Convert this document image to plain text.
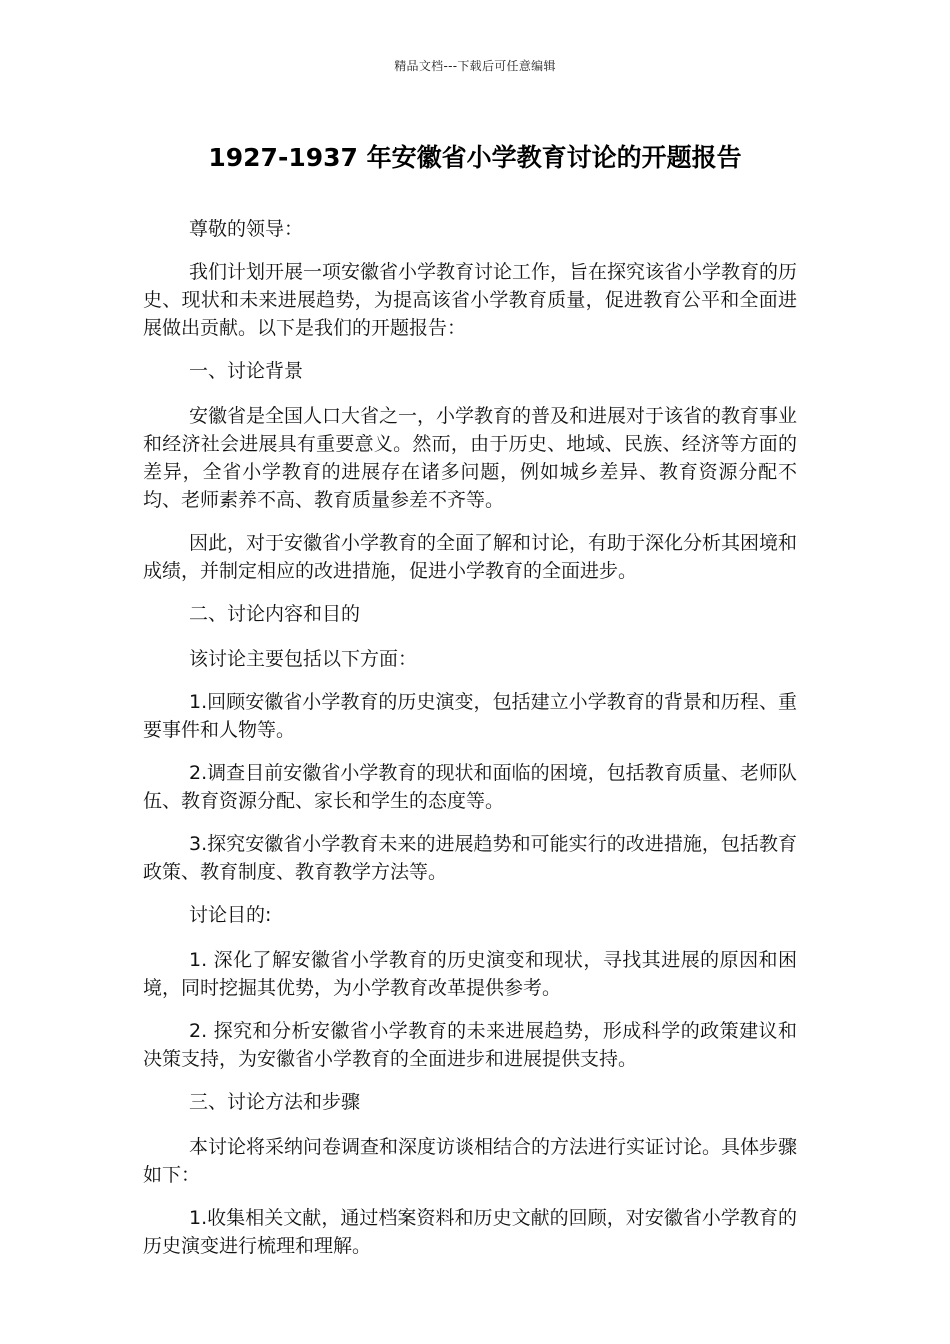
精品文档---下载后可任意编辑
1927-1937 年安徽省小学教育讨论的开题报告

尊敬的领导：

我们计划开展一项安徽省小学教育讨论工作，旨在探究该省小学教育的历史、现状和未来进展趋势，为提高该省小学教育质量，促进教育公平和全面进展做出贡献。以下是我们的开题报告：

一、讨论背景

安徽省是全国人口大省之一，小学教育的普及和进展对于该省的教育事业和经济社会进展具有重要意义。然而，由于历史、地域、民族、经济等方面的差异，全省小学教育的进展存在诸多问题，例如城乡差异、教育资源分配不均、老师素养不高、教育质量参差不齐等。

因此，对于安徽省小学教育的全面了解和讨论，有助于深化分析其困境和成绩，并制定相应的改进措施，促进小学教育的全面进步。

二、讨论内容和目的

该讨论主要包括以下方面：

1.回顾安徽省小学教育的历史演变，包括建立小学教育的背景和历程、重要事件和人物等。

2.调查目前安徽省小学教育的现状和面临的困境，包括教育质量、老师队伍、教育资源分配、家长和学生的态度等。

3.探究安徽省小学教育未来的进展趋势和可能实行的改进措施，包括教育政策、教育制度、教育教学方法等。

讨论目的:

1. 深化了解安徽省小学教育的历史演变和现状，寻找其进展的原因和困境，同时挖掘其优势，为小学教育改革提供参考。

2. 探究和分析安徽省小学教育的未来进展趋势，形成科学的政策建议和决策支持，为安徽省小学教育的全面进步和进展提供支持。

三、讨论方法和步骤

本讨论将采纳问卷调查和深度访谈相结合的方法进行实证讨论。具体步骤如下：

1.收集相关文献，通过档案资料和历史文献的回顾，对安徽省小学教育的历史演变进行梳理和理解。
